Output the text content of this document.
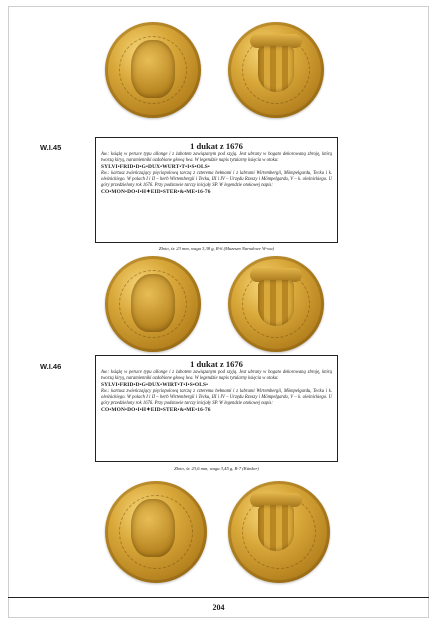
W.I.45	1 dukat z 1676
Aw.: książę w peruce typu allonge i z żabotem zawiązanym pod szyją. Jest ubrany w bogato dekorowaną zbroję, którą tworzą kiryş, naramienniki ozdobione głową lwa. W legendzie napis tytularny księcia w otoku:
SYLVI•FRID•D•G•DUX•WURT•T•I•S•OLS•
Rw.: kartusz zwieńczający pięciopolową tarczą z czterema hełmami i z labrami Wirtembergii, Mömpelgardu, Tecku i k. oleśnickiego. W polach I i II – herb Wirtembergii i Tecku, III i IV – Urzędu Rzeszy i Mömpelgardu, V – k. oleśnickiego. U góry przedzielony rok 1676. Przy podstawie tarczy inicjały SP. W legendzie otokowej napis:
CO•MON•DO•I•H✦EID•STER•&•ME•16-76
Złoto, śr. 23 mm, waga 3,38 g, R-6 (Muzeum Narodowe W-wa)
W.I.46	1 dukat z 1676
Aw.: książę w peruce typu allonge i z żabotem zawiązanym pod szyją. Jest ubrany w bogato dekorowaną zbroję, którą tworzą kiryş, naramienniki ozdobione głową lwa. W legendzie napis tytularny księcia w otoku:
SYLVI•FRID•D•G•DUX•WIRT•T•I•S•OLS•
Rw.: kartusz zwieńczający pięciopolową tarczą z czterema hełmami i z labrami Wirtembergii, Mömpelgardu, Tecku i k. oleśnickiego. W polach I i II – herb Wirtembergii i Tecku, III i IV – Urzędu Rzeszy i Mömpelgardu, V – k. oleśnickiego. U góry przedzielony rok 1676. Przy podstawie tarczy inicjały SP. W legendzie otokowej napis:
CO•MON•DO•I•H✦EID•STER•&•ME•16-76
Złoto, śr. 23,6 mm, waga 3,45 g, R-7 (Künker)
204
